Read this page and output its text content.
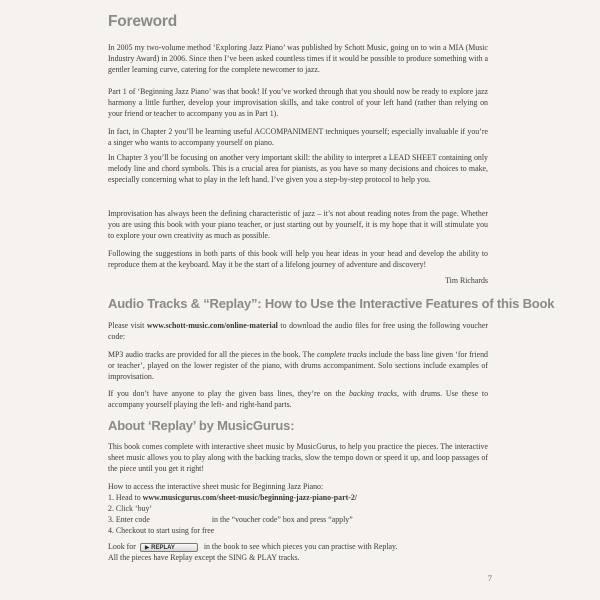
Foreword

In 2005 my two-volume method ‘Exploring Jazz Piano’ was published by Schott Music, going on to win a MIA (Music Industry Award) in 2006. Since then I’ve been asked countless times if it would be possible to produce something with a gentler learning curve, catering for the complete newcomer to jazz.

Part 1 of ‘Beginning Jazz Piano’ was that book! If you’ve worked through that you should now be ready to explore jazz harmony a little further, develop your improvisation skills, and take control of your left hand (rather than relying on your friend or teacher to accompany you as in Part 1).

In fact, in Chapter 2 you’ll be learning useful ACCOMPANIMENT techniques yourself; especially invaluable if you’re a singer who wants to accompany yourself on piano.

In Chapter 3 you’ll be focusing on another very important skill: the ability to interpret a LEAD SHEET containing only melody line and chord symbols. This is a crucial area for pianists, as you have so many decisions and choices to make, especially concerning what to play in the left hand. I’ve given you a step-by-step protocol to help you.

Improvisation has always been the defining characteristic of jazz – it’s not about reading notes from the page. Whether you are using this book with your piano teacher, or just starting out by yourself, it is my hope that it will stimulate you to explore your own creativity as much as possible.

Following the suggestions in both parts of this book will help you hear ideas in your head and develop the ability to reproduce them at the keyboard. May it be the start of a lifelong journey of adventure and discovery!

Tim Richards

Audio Tracks & “Replay”: How to Use the Interactive Features of this Book

Please visit www.schott-music.com/online-material to download the audio files for free using the following voucher code:

MP3 audio tracks are provided for all the pieces in the book. The complete tracks include the bass line given ‘for friend or teacher’, played on the lower register of the piano, with drums accompaniment. Solo sections include examples of improvisation.

If you don’t have anyone to play the given bass lines, they’re on the backing tracks, with drums. Use these to accompany yourself playing the left- and right-hand parts.

About ‘Replay’ by MusicGurus:

This book comes complete with interactive sheet music by MusicGurus, to help you practice the pieces. The interactive sheet music allows you to play along with the backing tracks, slow the tempo down or speed it up, and loop passages of the piece until you get it right!

How to access the interactive sheet music for Beginning Jazz Piano:
1. Head to www.musicgurus.com/sheet-music/beginning-jazz-piano-part-2/
2. Click ‘buy’
3. Enter code	in the “voucher code” box and press “apply”
4. Checkout to start using for free
Look for ▶ REPLAY	in the book to see which pieces you can practise with Replay.
All the pieces have Replay except the SING & PLAY tracks.
7
